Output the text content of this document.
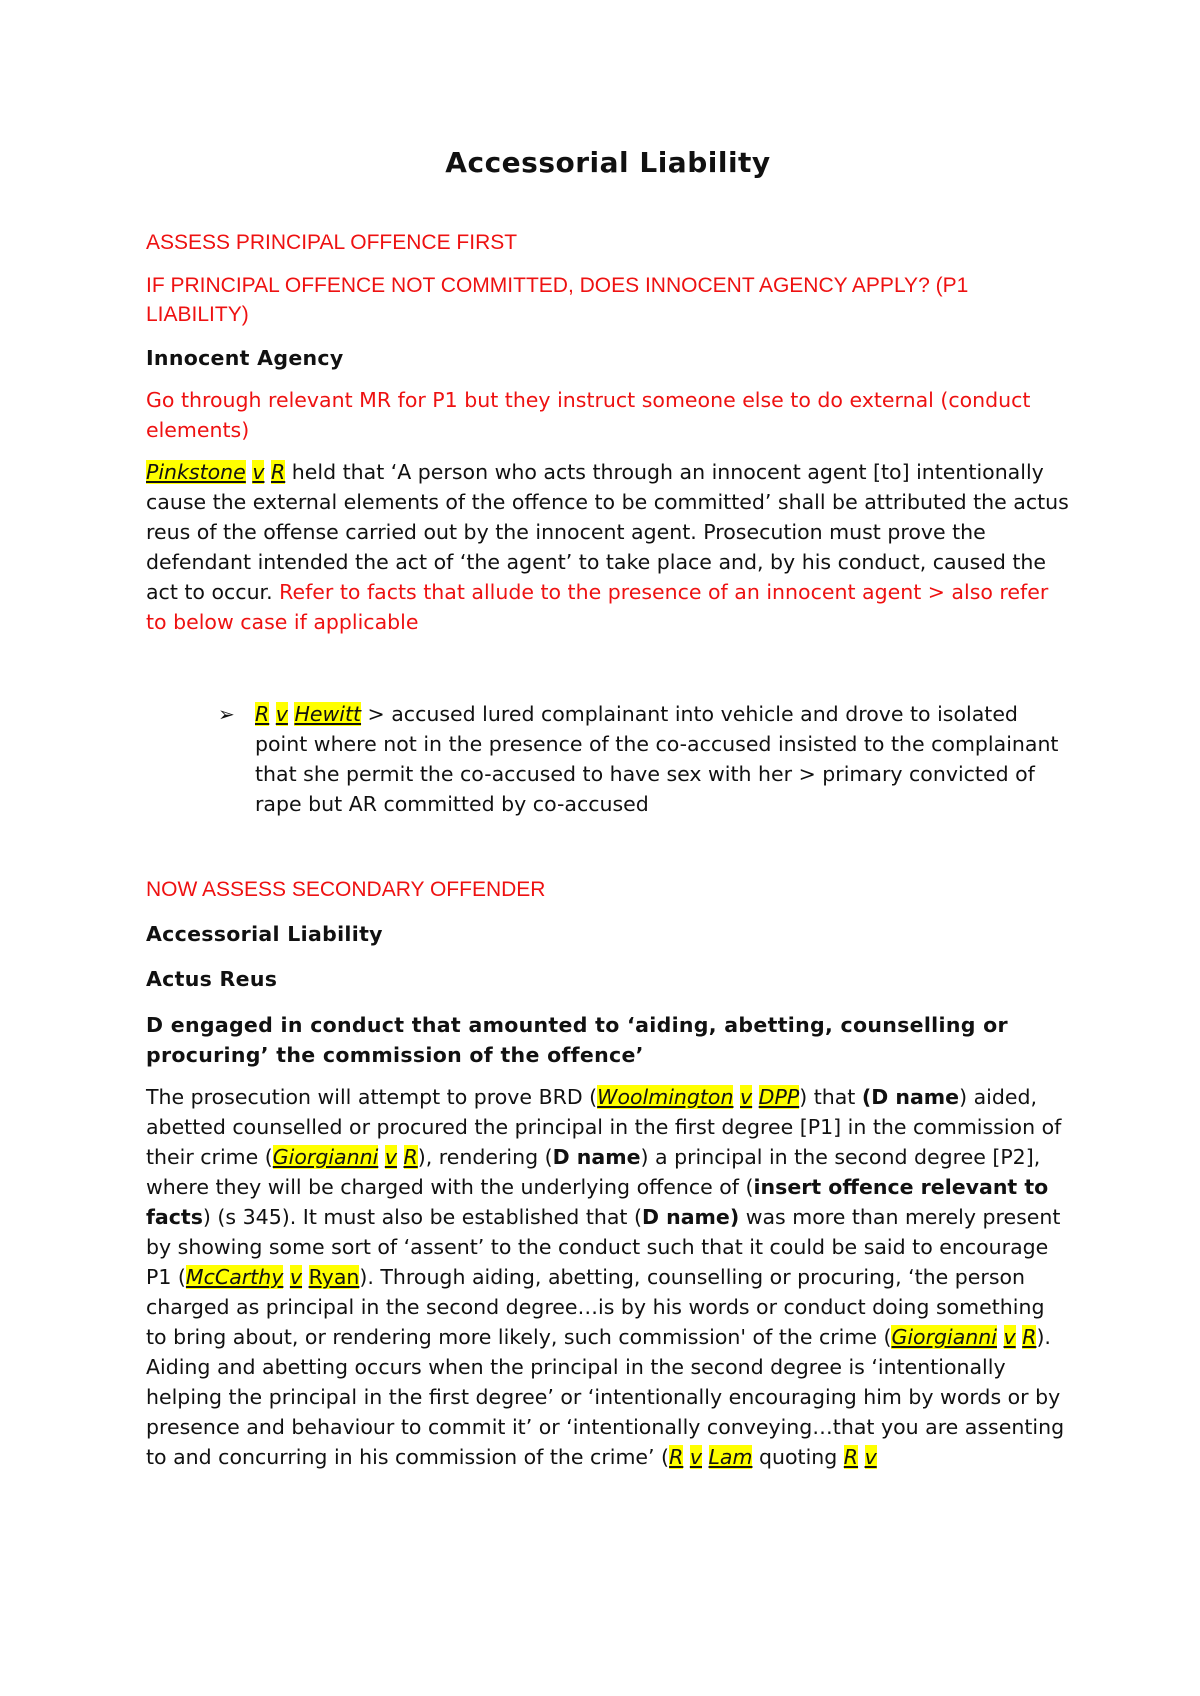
Accessorial Liability

ASSESS PRINCIPAL OFFENCE FIRST

IF PRINCIPAL OFFENCE NOT COMMITTED, DOES INNOCENT AGENCY APPLY? (P1 LIABILITY)

Innocent Agency

Go through relevant MR for P1 but they instruct someone else to do external (conduct elements)

Pinkstone v R held that ‘A person who acts through an innocent agent [to] intentionally cause the external elements of the offence to be committed’ shall be attributed the actus reus of the offense carried out by the innocent agent. Prosecution must prove the defendant intended the act of ‘the agent’ to take place and, by his conduct, caused the act to occur. Refer to facts that allude to the presence of an innocent agent > also refer to below case if applicable

➢ R v Hewitt > accused lured complainant into vehicle and drove to isolated point where not in the presence of the co-accused insisted to the complainant that she permit the co-accused to have sex with her > primary convicted of rape but AR committed by co-accused

NOW ASSESS SECONDARY OFFENDER

Accessorial Liability

Actus Reus

D engaged in conduct that amounted to ‘aiding, abetting, counselling or procuring’ the commission of the offence’

The prosecution will attempt to prove BRD (Woolmington v DPP) that (D name) aided, abetted counselled or procured the principal in the first degree [P1] in the commission of their crime (Giorgianni v R), rendering (D name) a principal in the second degree [P2], where they will be charged with the underlying offence of (insert offence relevant to facts) (s 345). It must also be established that (D name) was more than merely present by showing some sort of ‘assent’ to the conduct such that it could be said to encourage P1 (McCarthy v Ryan). Through aiding, abetting, counselling or procuring, ‘the person charged as principal in the second degree…is by his words or conduct doing something to bring about, or rendering more likely, such commission' of the crime (Giorgianni v R). Aiding and abetting occurs when the principal in the second degree is ‘intentionally helping the principal in the first degree’ or ‘intentionally encouraging him by words or by presence and behaviour to commit it’ or ‘intentionally conveying…that you are assenting to and concurring in his commission of the crime’ (R v Lam quoting R v
